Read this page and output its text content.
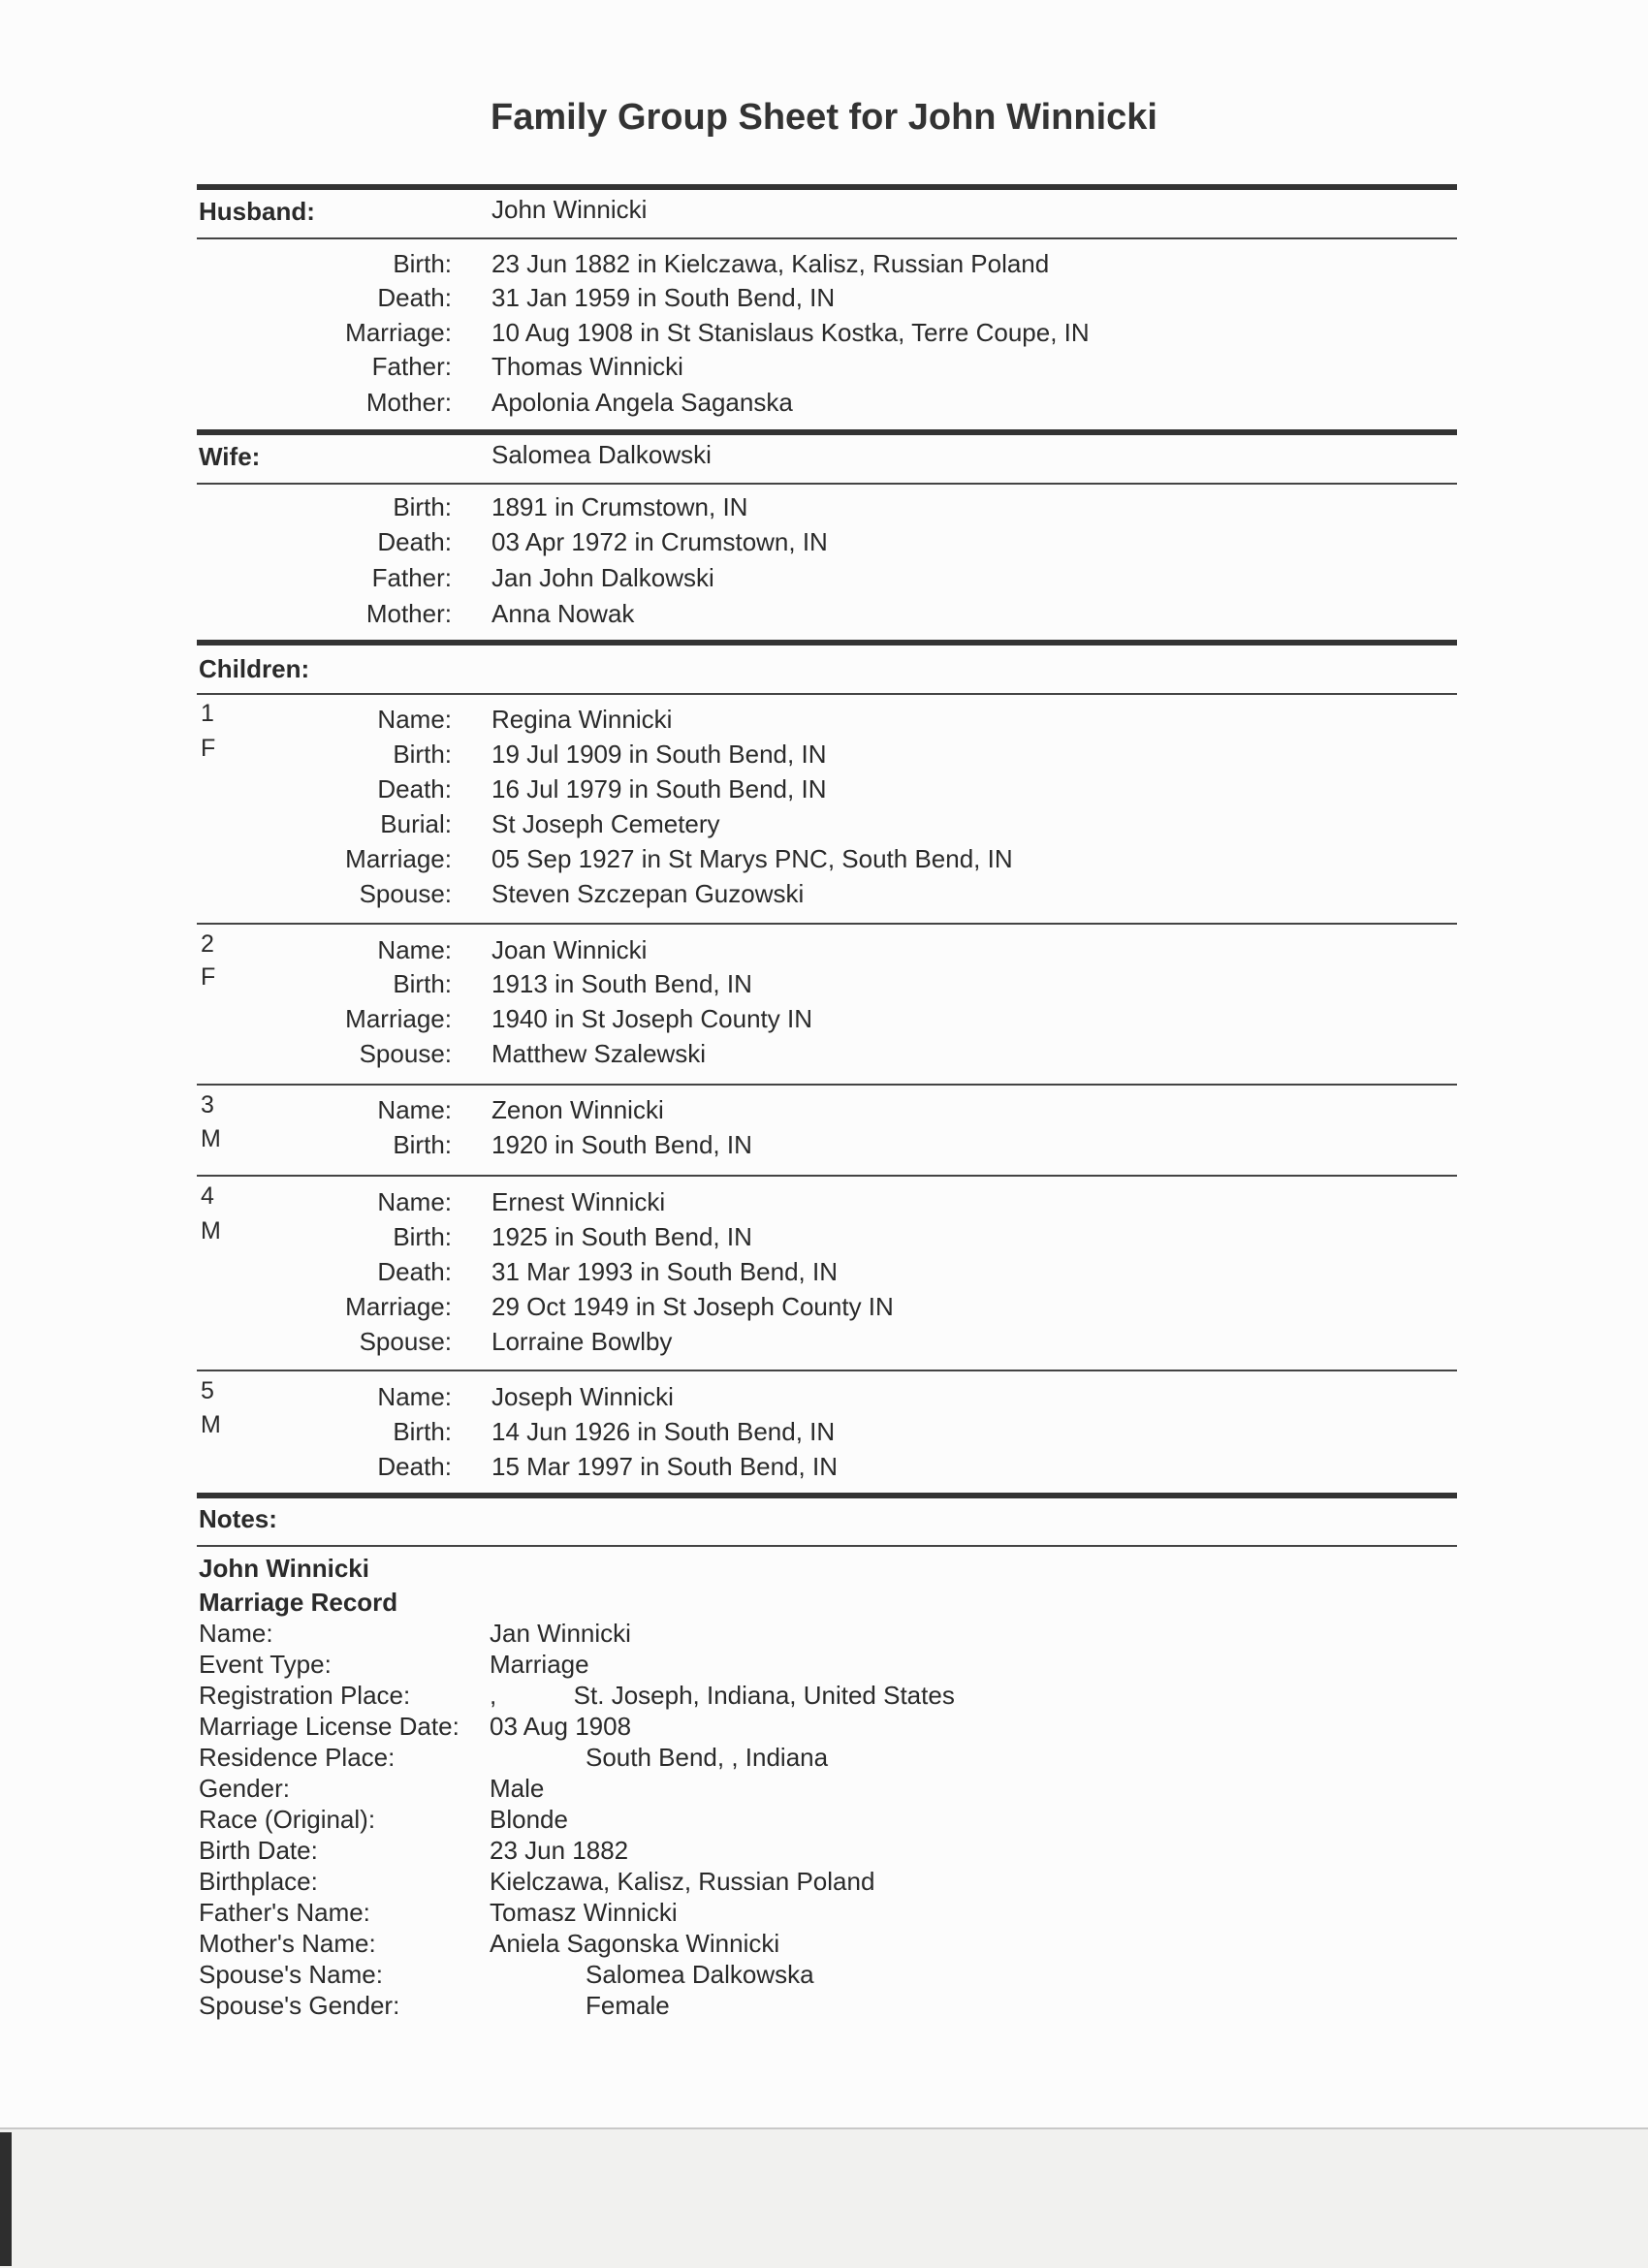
Family Group Sheet for John Winnicki
Husband:	John Winnicki
Birth: 23 Jun 1882 in Kielczawa, Kalisz, Russian Poland
Death: 31 Jan 1959 in South Bend, IN
Marriage: 10 Aug 1908 in St Stanislaus Kostka, Terre Coupe, IN
Father: Thomas Winnicki
Mother: Apolonia Angela Saganska
Wife:	Salomea Dalkowski
Birth: 1891 in Crumstown, IN
Death: 03 Apr 1972 in Crumstown, IN
Father: Jan John Dalkowski
Mother: Anna Nowak
Children:
1
F
Name: Regina Winnicki
Birth: 19 Jul 1909 in South Bend, IN
Death: 16 Jul 1979 in South Bend, IN
Burial: St Joseph Cemetery
Marriage: 05 Sep 1927 in St Marys PNC, South Bend, IN
Spouse: Steven Szczepan Guzowski
2
F
Name: Joan Winnicki
Birth: 1913 in South Bend, IN
Marriage: 1940 in St Joseph County IN
Spouse: Matthew Szalewski
3
M
Name: Zenon Winnicki
Birth: 1920 in South Bend, IN
4
M
Name: Ernest Winnicki
Birth: 1925 in South Bend, IN
Death: 31 Mar 1993 in South Bend, IN
Marriage: 29 Oct 1949 in St Joseph County IN
Spouse: Lorraine Bowlby
5
M
Name: Joseph Winnicki
Birth: 14 Jun 1926 in South Bend, IN
Death: 15 Mar 1997 in South Bend, IN
Notes:
John Winnicki
Marriage Record
Name:	Jan Winnicki
Event Type:	Marriage
Registration Place:	,           St. Joseph, Indiana, United States
Marriage License Date: 03 Aug 1908
Residence Place:	South Bend, , Indiana
Gender:	Male
Race (Original):	Blonde
Birth Date:	23 Jun 1882
Birthplace:	Kielczawa, Kalisz, Russian Poland
Father's Name:	Tomasz Winnicki
Mother's Name:	Aniela Sagonska Winnicki
Spouse's Name:	Salomea Dalkowska
Spouse's Gender:	Female
